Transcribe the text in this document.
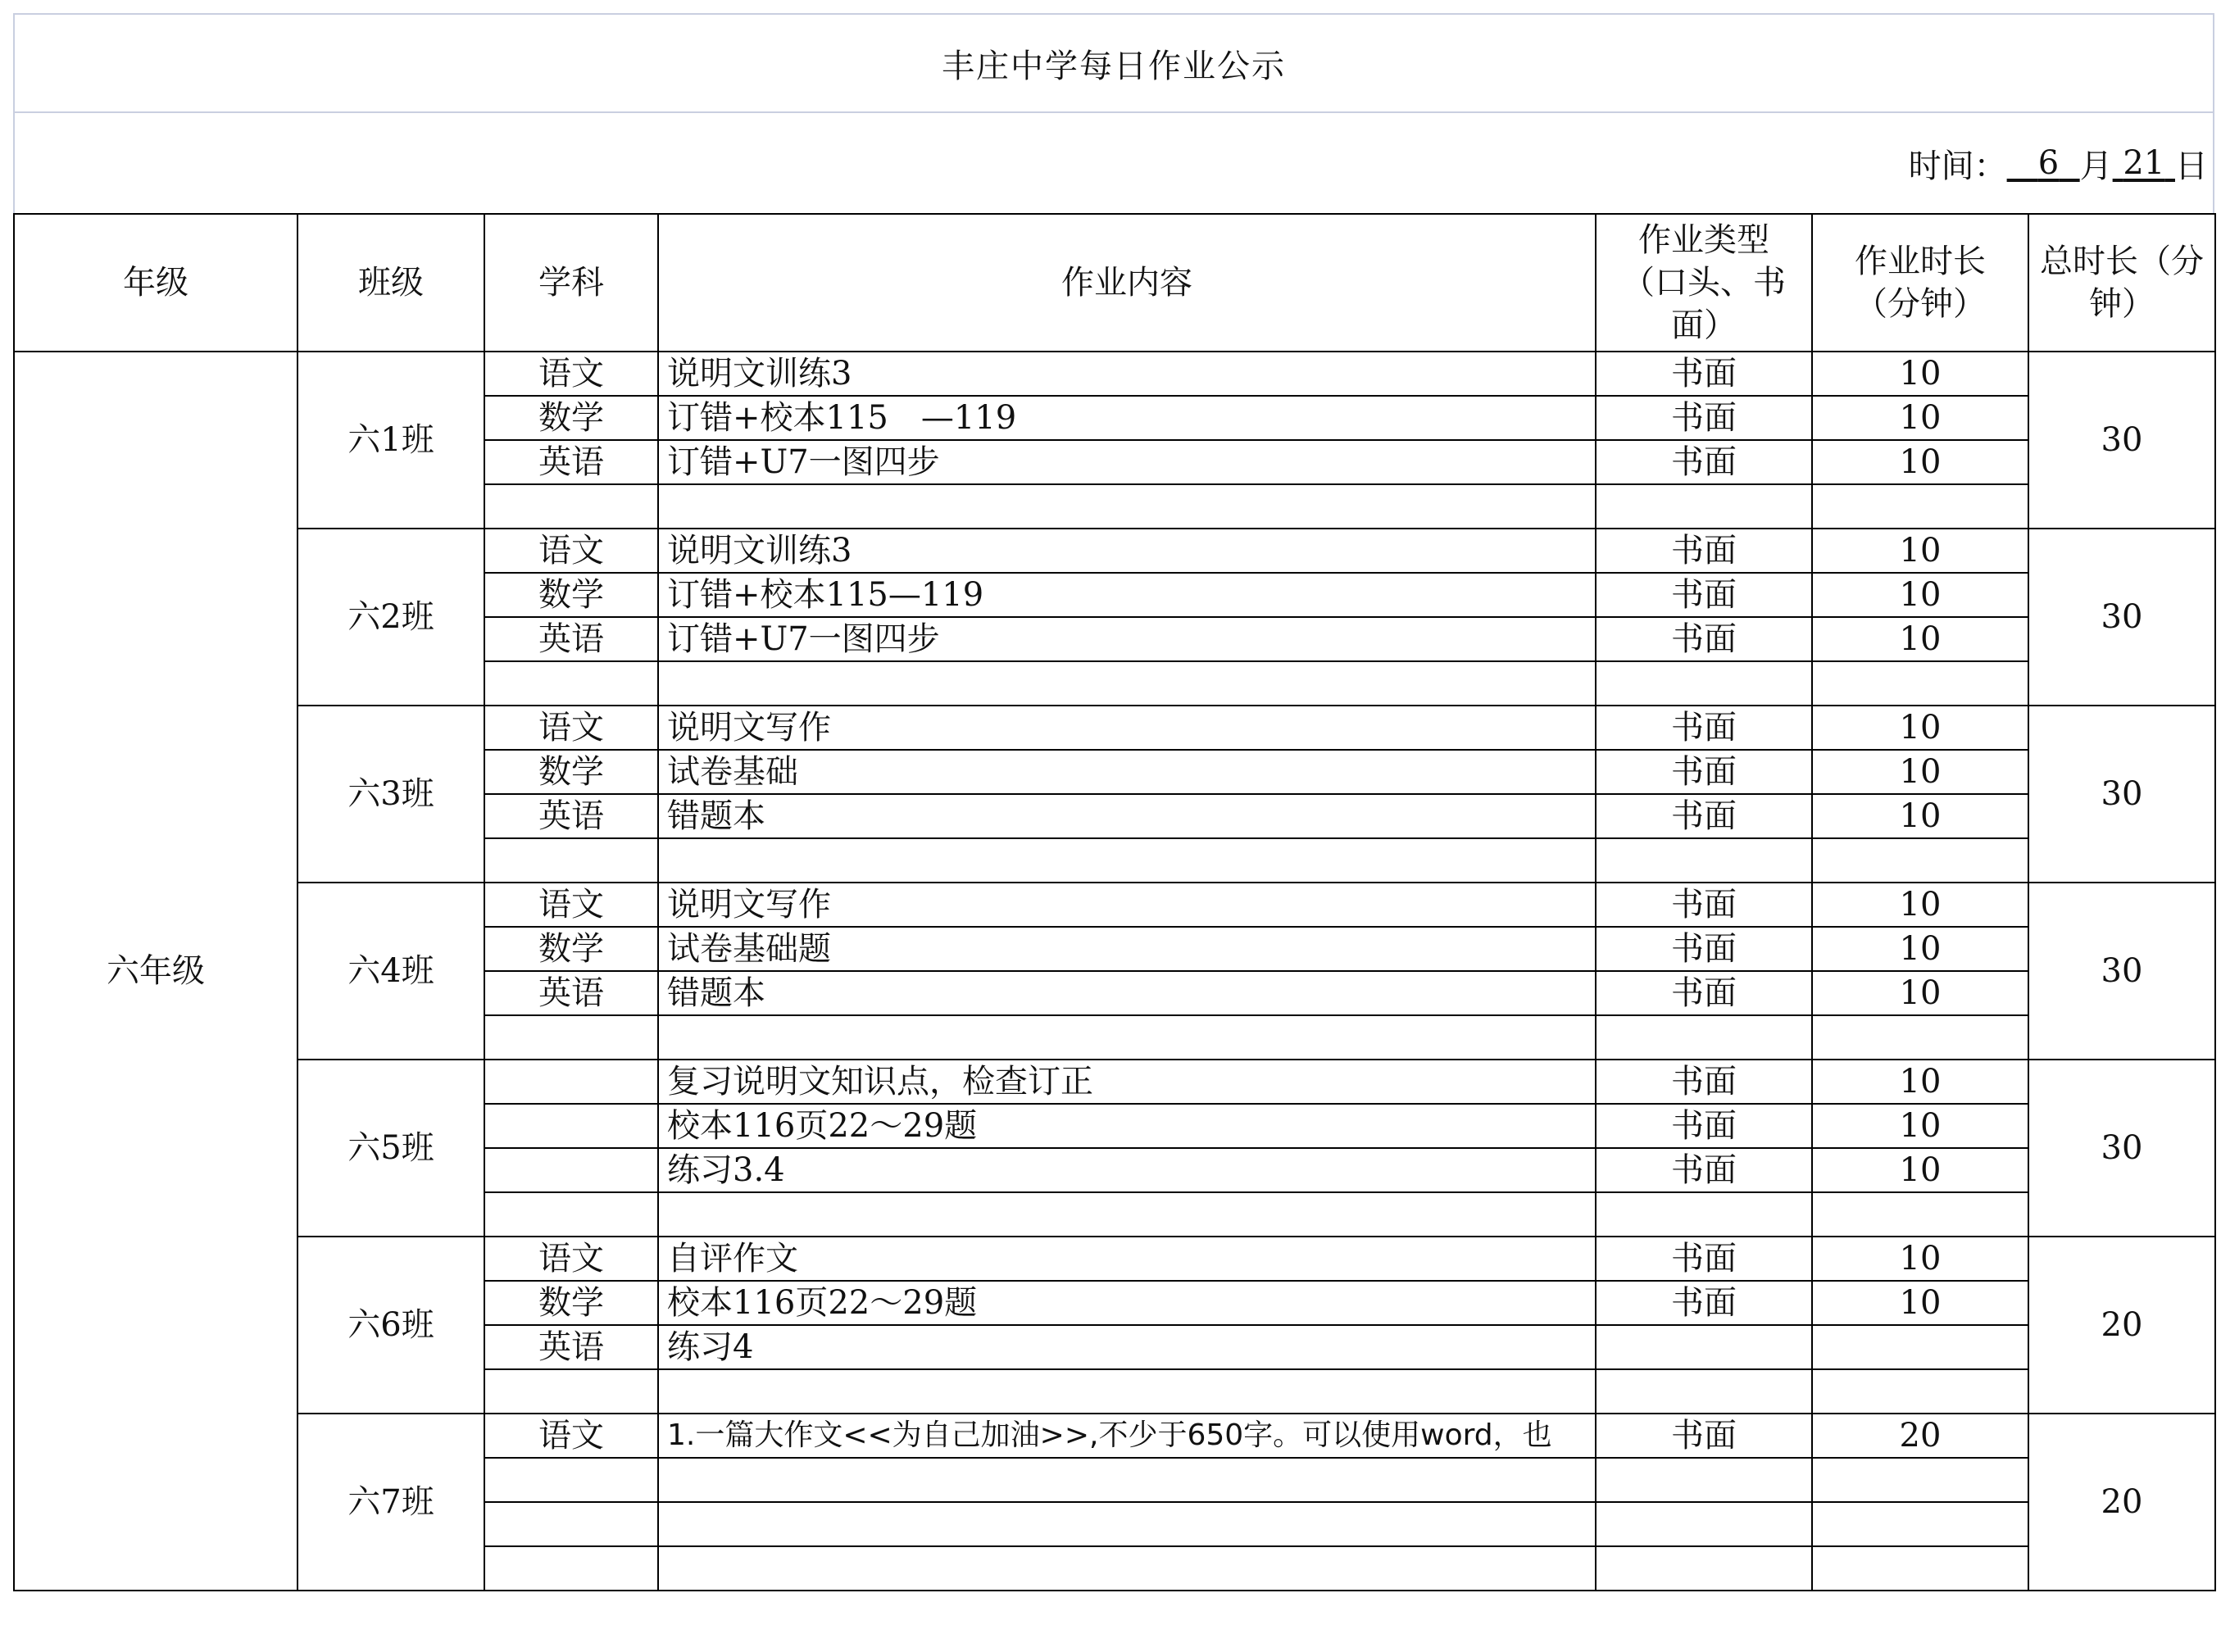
丰庄中学每日作业公示
时间： 6 月 21 日
年级	班级	学科	作业内容	作业类型（口头、书面）	作业时长（分钟）	总时长（分钟）
六年级	六1班	语文	说明文训练3	书面	10	30
		数学	订错+校本115　—119	书面	10	
		英语	订错+U7一图四步	书面	10	

	六2班	语文	说明文训练3	书面	10	30
		数学	订错+校本115—119	书面	10	
		英语	订错+U7一图四步	书面	10	

	六3班	语文	说明文写作	书面	10	30
		数学	试卷基础	书面	10	
		英语	错题本	书面	10	

	六4班	语文	说明文写作	书面	10	30
		数学	试卷基础题	书面	10	
		英语	错题本	书面	10	

	六5班		复习说明文知识点，检查订正	书面	10	30
			校本116页22～29题	书面	10	
			练习3.4	书面	10	

	六6班	语文	自评作文	书面	10	20
		数学	校本116页22～29题	书面	10	
		英语	练习4			

	六7班	语文	1.一篇大作文<<为自己加油>>,不少于650字。可以使用word，也	书面	20	20
